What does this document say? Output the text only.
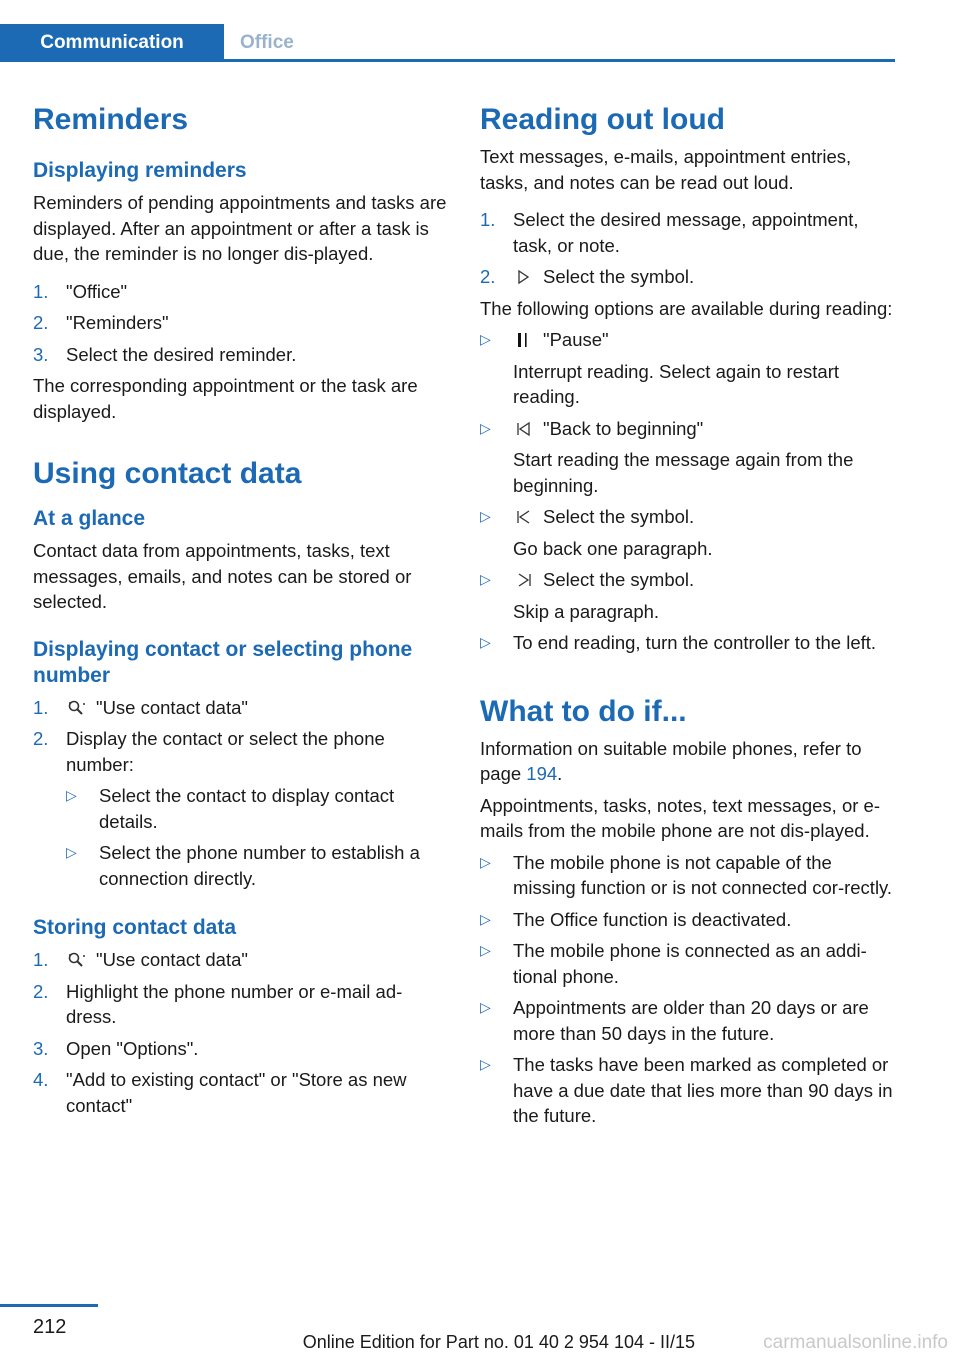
Communication	Office
Reminders
Displaying reminders

Reminders of pending appointments and tasks are displayed. After an appointment or after a task is due, the reminder is no longer dis-played.

1. "Office"
2. "Reminders"
3. Select the desired reminder.

The corresponding appointment or the task are displayed.

Using contact data
At a glance

Contact data from appointments, tasks, text messages, emails, and notes can be stored or selected.

Displaying contact or selecting phone number
1.	"Use contact data"
2. Display the contact or select the phone number:
▷	Select the contact to display contact details.
▷	Select the phone number to establish a connection directly.
Storing contact data
1.	"Use contact data"
2. Highlight the phone number or e-mail ad-dress.
3. Open "Options".
4. "Add to existing contact" or "Store as new contact"
Reading out loud

Text messages, e-mails, appointment entries, tasks, and notes can be read out loud.

1. Select the desired message, appointment, task, or note.
2.	Select the symbol.

The following options are available during reading:

▷	"Pause"

Interrupt reading. Select again to restart reading.
▷	"Back to beginning"

Start reading the message again from the beginning.
▷	Select the symbol.

Go back one paragraph.
▷	Select the symbol.

Skip a paragraph.
▷	To end reading, turn the controller to the left.
What to do if...

Information on suitable mobile phones, refer to page 194.

Appointments, tasks, notes, text messages, or e-mails from the mobile phone are not dis-played.

▷	The mobile phone is not capable of the missing function or is not connected cor-rectly.
▷	The Office function is deactivated.
▷	The mobile phone is connected as an addi-tional phone.
▷	Appointments are older than 20 days or are more than 50 days in the future.
▷	The tasks have been marked as completed or have a due date that lies more than 90 days in the future.
212
Online Edition for Part no. 01 40 2 954 104 - II/15	carmanualsonline.info
